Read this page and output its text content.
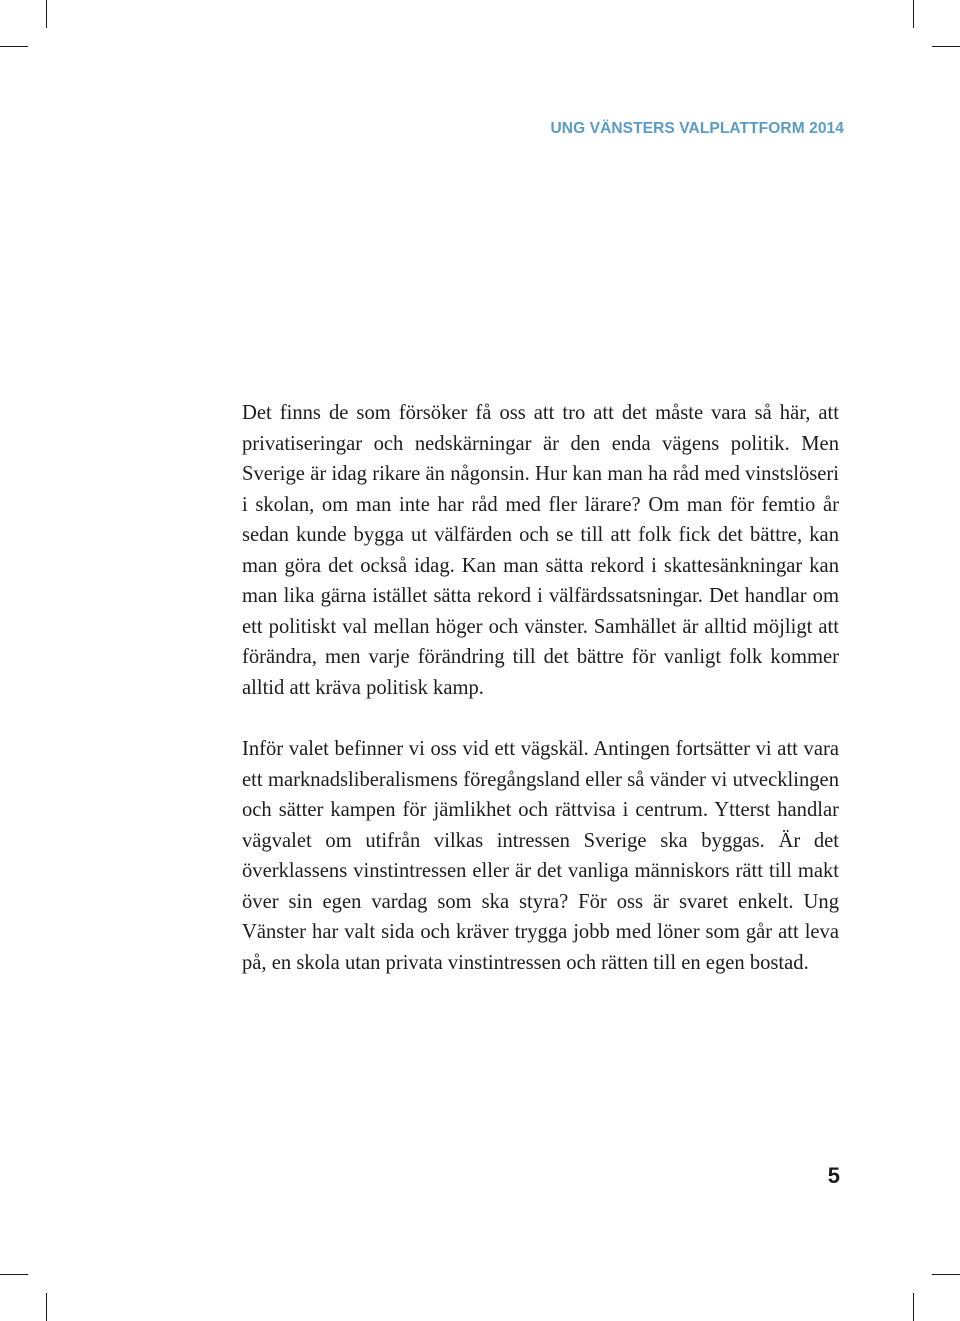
UNG VÄNSTERS VALPLATTFORM 2014

Det finns de som försöker få oss att tro att det måste vara så här, att privatiseringar och nedskärningar är den enda vägens politik. Men Sverige är idag rikare än någonsin. Hur kan man ha råd med vinstslöseri i skolan, om man inte har råd med fler lärare? Om man för femtio år sedan kunde bygga ut välfärden och se till att folk fick det bättre, kan man göra det också idag. Kan man sätta rekord i skattesänkningar kan man lika gärna istället sätta rekord i välfärdssatsningar. Det handlar om ett politiskt val mellan höger och vänster. Samhället är alltid möjligt att förändra, men varje förändring till det bättre för vanligt folk kommer alltid att kräva politisk kamp.

Inför valet befinner vi oss vid ett vägskäl. Antingen fortsätter vi att vara ett marknadsliberalismens föregångsland eller så vänder vi utvecklingen och sätter kampen för jämlikhet och rättvisa i centrum. Ytterst handlar vägvalet om utifrån vilkas intressen Sverige ska byggas. Är det överklassens vinstintressen eller är det vanliga människors rätt till makt över sin egen vardag som ska styra? För oss är svaret enkelt. Ung Vänster har valt sida och kräver trygga jobb med löner som går att leva på, en skola utan privata vinstintressen och rätten till en egen bostad.

5
